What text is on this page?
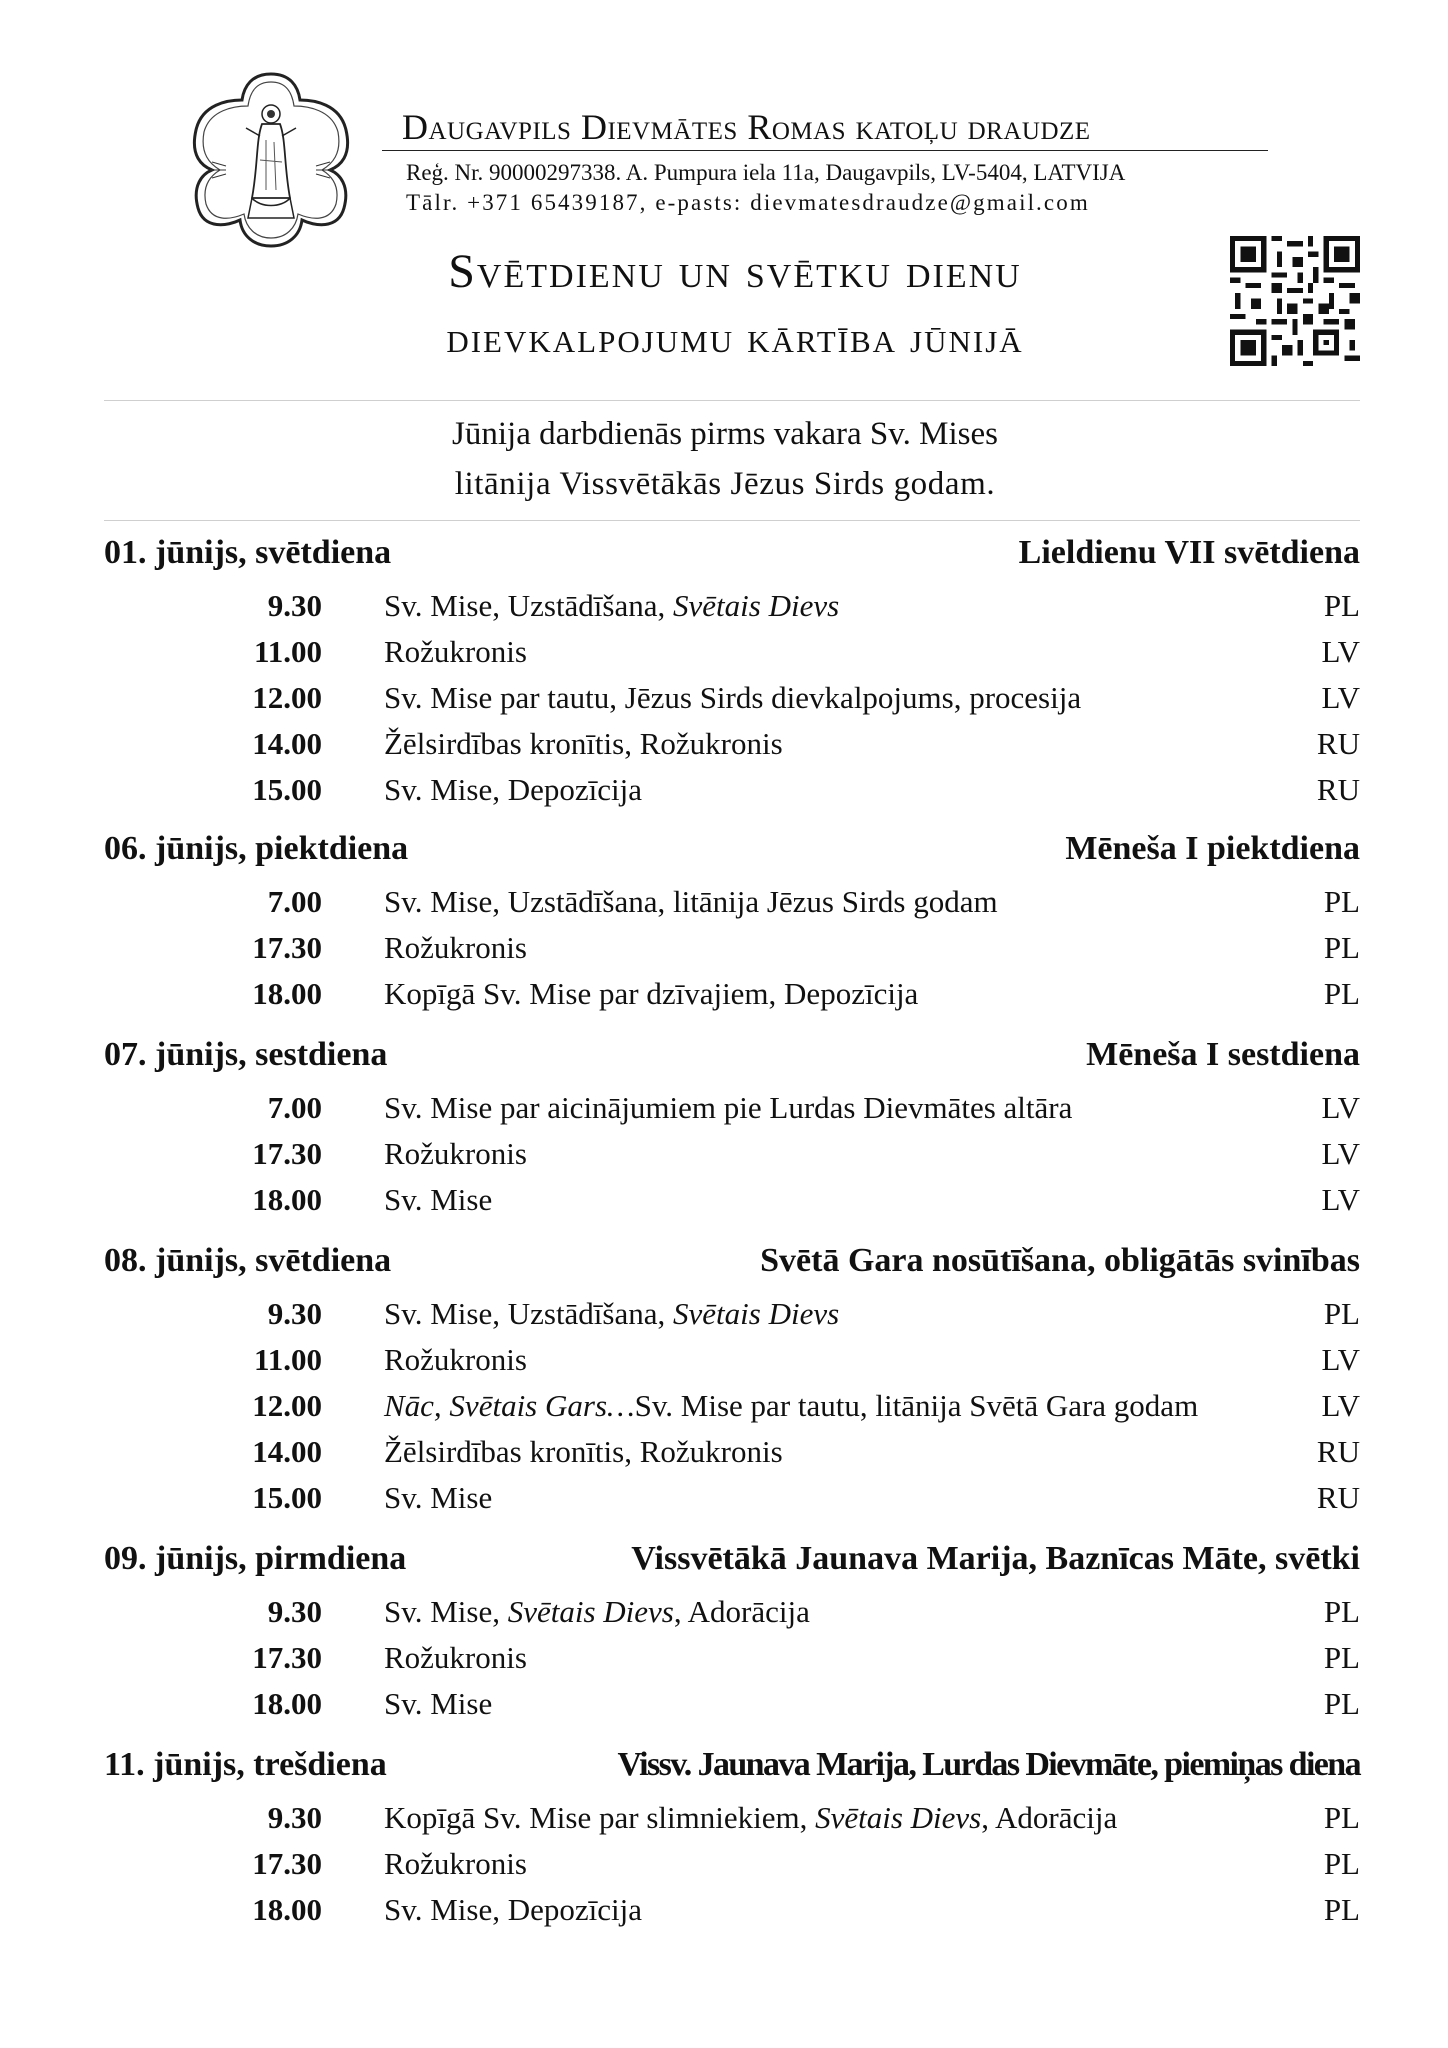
Daugavpils Dievmātes Romas katoļu draudze
Reģ. Nr. 90000297338. A. Pumpura iela 11a, Daugavpils, LV-5404, LATVIJA
Tālr. +371 65439187, e-pasts: dievmatesdraudze@gmail.com
Svētdienu un svētku dienu
dievkalpojumu kārtība jūnijā
Jūnija darbdienās pirms vakara Sv. Mises
litānija Vissvētākās Jēzus Sirds godam.
01. jūnijs, svētdiena	Lieldienu VII svētdiena
9.30 Sv. Mise, Uzstādīšana, Svētais Dievs	PL
11.00 Rožukronis	LV
12.00 Sv. Mise par tautu, Jēzus Sirds dievkalpojums, procesija	LV
14.00 Žēlsirdības kronītis, Rožukronis	RU
15.00 Sv. Mise, Depozīcija	RU
06. jūnijs, piektdiena	Mēneša I piektdiena
7.00 Sv. Mise, Uzstādīšana, litānija Jēzus Sirds godam	PL
17.30 Rožukronis	PL
18.00 Kopīgā Sv. Mise par dzīvajiem, Depozīcija	PL
07. jūnijs, sestdiena	Mēneša I sestdiena
7.00 Sv. Mise par aicinājumiem pie Lurdas Dievmātes altāra	LV
17.30 Rožukronis	LV
18.00 Sv. Mise	LV
08. jūnijs, svētdiena	Svētā Gara nosūtīšana, obligātās svinības
9.30 Sv. Mise, Uzstādīšana, Svētais Dievs	PL
11.00 Rožukronis	LV
12.00 Nāc, Svētais Gars…Sv. Mise par tautu, litānija Svētā Gara godam	LV
14.00 Žēlsirdības kronītis, Rožukronis	RU
15.00 Sv. Mise	RU
09. jūnijs, pirmdiena	Vissvētākā Jaunava Marija, Baznīcas Māte, svētki
9.30 Sv. Mise, Svētais Dievs, Adorācija	PL
17.30 Rožukronis	PL
18.00 Sv. Mise	PL
11. jūnijs, trešdiena	Vissv. Jaunava Marija, Lurdas Dievmāte, piemiņas diena
9.30 Kopīgā Sv. Mise par slimniekiem, Svētais Dievs, Adorācija	PL
17.30 Rožukronis	PL
18.00 Sv. Mise, Depozīcija	PL
